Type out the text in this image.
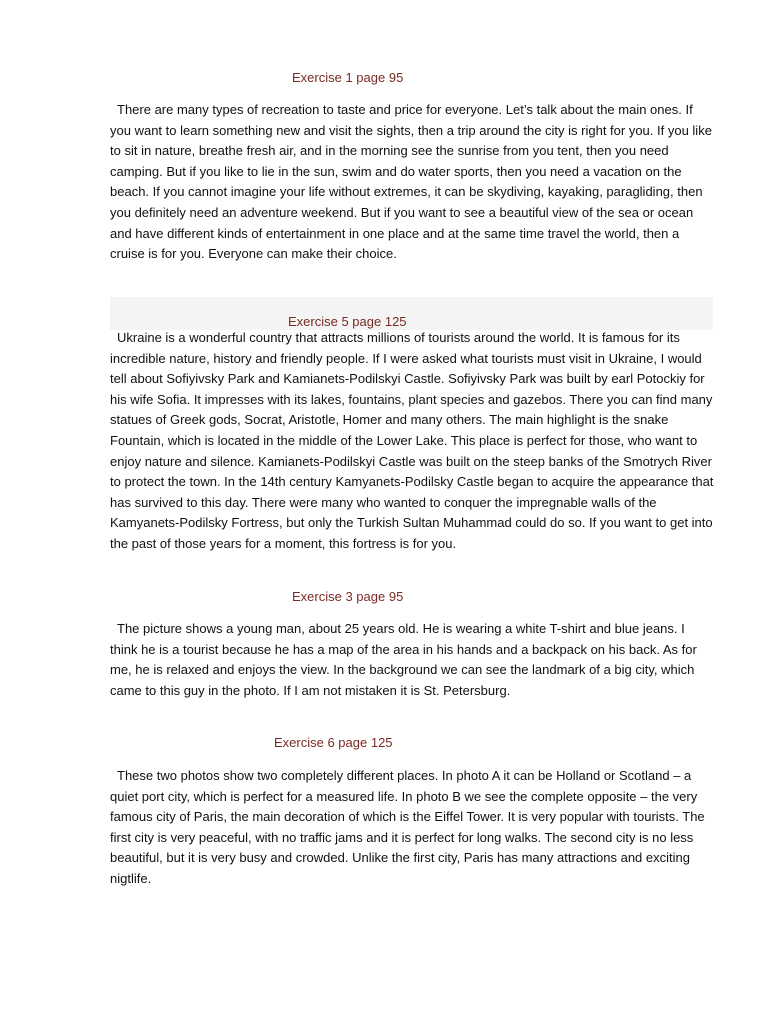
Exercise 1 page 95
There are many types of recreation to taste and price for everyone. Let’s talk about the main ones. If you want to learn something new and visit the sights, then a trip around the city is right for you. If you like to sit in nature, breathe fresh air, and in the morning see the sunrise from you tent, then you need camping. But if you like to lie in the sun, swim and do water sports, then you need a vacation on the beach. If you cannot imagine your life without extremes, it can be skydiving, kayaking, paragliding, then you definitely need an adventure weekend. But if you want to see a beautiful view of the sea or ocean and have different kinds of entertainment in one place and at the same time travel the world, then a cruise is for you. Everyone can make their choice.
Exercise 5 page 125
Ukraine is a wonderful country that attracts millions of tourists around the world. It is famous for its incredible nature, history and friendly people. If I were asked what tourists must visit in Ukraine, I would tell about Sofiyivsky Park and Kamianets-Podilskyi Castle. Sofiyivsky Park was built by earl Potockiy for his wife Sofia. It impresses with its lakes, fountains, plant species and gazebos. There you can find many statues of Greek gods, Socrat, Aristotle, Homer and many others. The main highlight is the snake Fountain, which is located in the middle of the Lower Lake. This place is perfect for those, who want to enjoy nature and silence. Kamianets-Podilskyi Castle was built on the steep banks of the Smotrych River to protect the town. In the 14th century Kamyanets-Podilsky Castle began to acquire the appearance that has survived to this day. There were many who wanted to conquer the impregnable walls of the Kamyanets-Podilsky Fortress, but only the Turkish Sultan Muhammad could do so. If you want to get into the past of those years for a moment, this fortress is for you.
Exercise 3 page 95
The picture shows a young man, about 25 years old. He is wearing a white T-shirt and blue jeans. I think he is a tourist because he has a map of the area in his hands and a backpack on his back. As for me, he is relaxed and enjoys the view. In the background we can see the landmark of a big city, which came to this guy in the photo. If I am not mistaken it is St. Petersburg.
Exercise 6 page 125
These two photos show two completely different places. In photo A it can be Holland or Scotland – a quiet port city, which is perfect for a measured life. In photo B we see the complete opposite – the very famous city of Paris, the main decoration of which is the Eiffel Tower. It is very popular with tourists. The first city is very peaceful, with no traffic jams and it is perfect for long walks. The second city is no less beautiful, but it is very busy and crowded. Unlike the first city, Paris has many attractions and exciting nigtlife.
